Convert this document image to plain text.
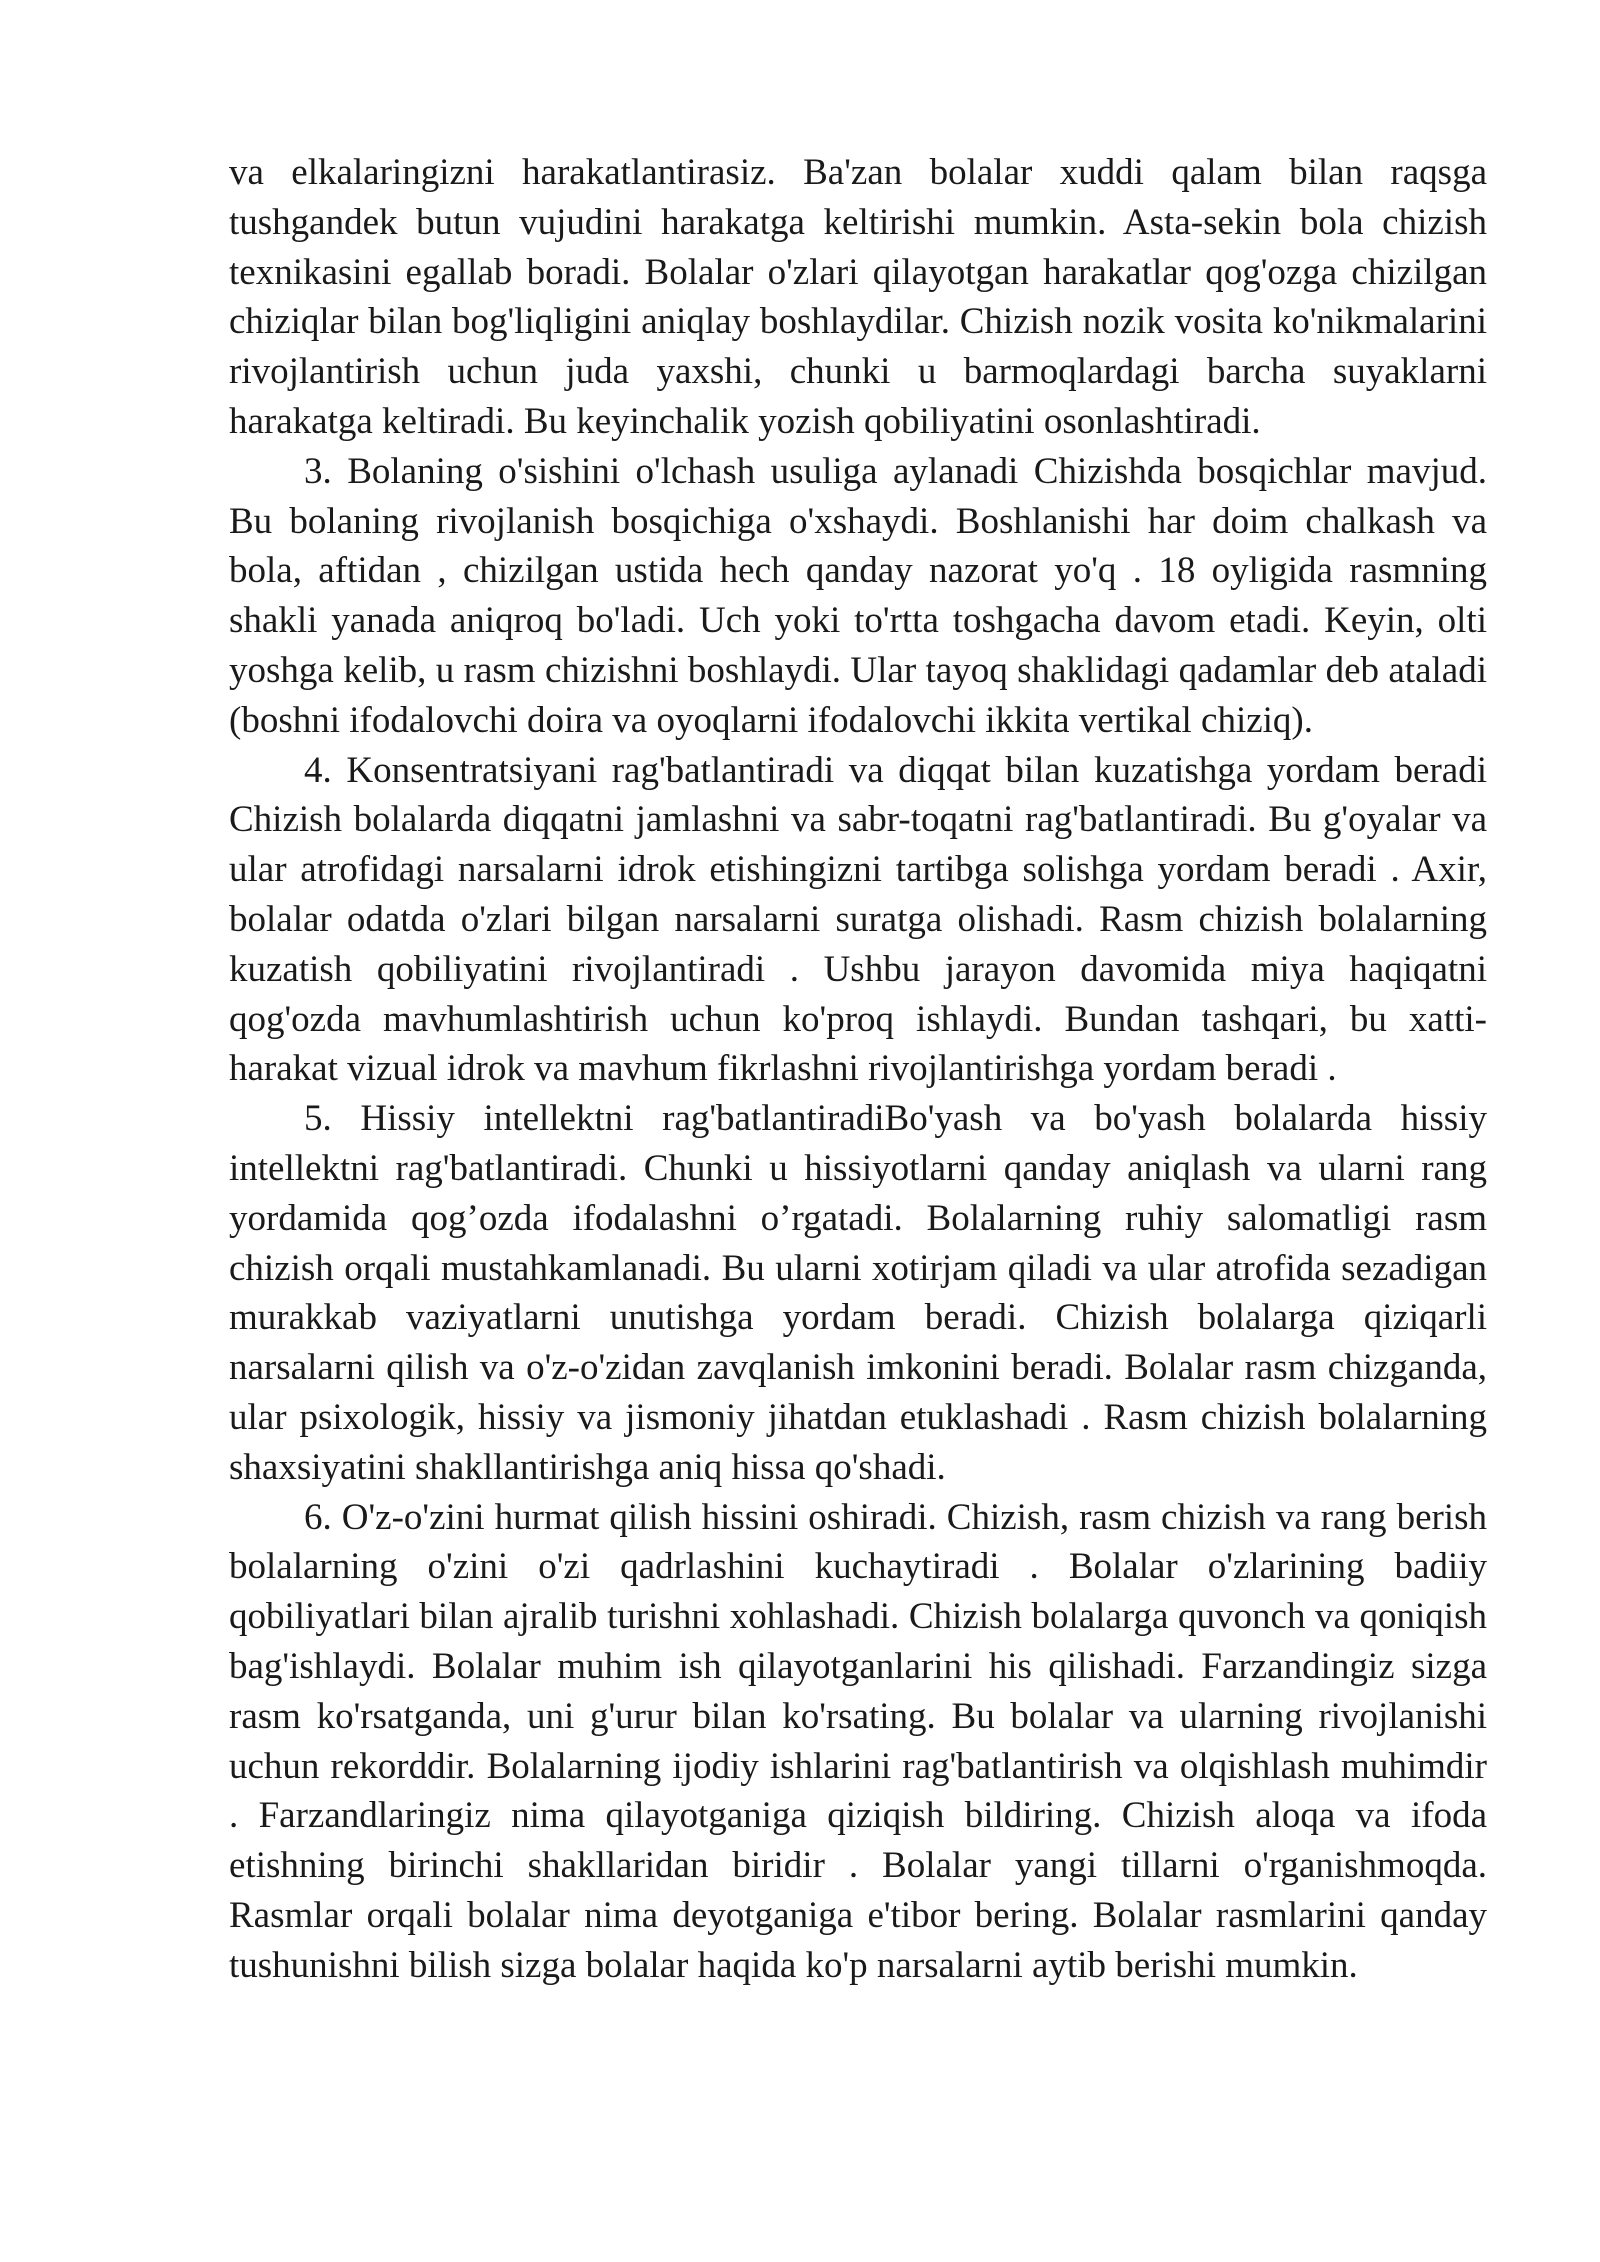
va elkalaringizni harakatlantirasiz. Ba'zan bolalar xuddi qalam bilan raqsga tushgandek butun vujudini harakatga keltirishi mumkin. Asta-sekin bola chizish texnikasini egallab boradi. Bolalar o'zlari qilayotgan harakatlar qog'ozga chizilgan chiziqlar bilan bog'liqligini aniqlay boshlaydilar. Chizish nozik vosita ko'nikmalarini rivojlantirish uchun juda yaxshi, chunki u barmoqlardagi barcha suyaklarni harakatga keltiradi. Bu keyinchalik yozish qobiliyatini osonlashtiradi.

3. Bolaning o'sishini o'lchash usuliga aylanadi Chizishda bosqichlar mavjud. Bu bolaning rivojlanish bosqichiga o'xshaydi. Boshlanishi har doim chalkash va bola, aftidan , chizilgan ustida hech qanday nazorat yo'q . 18 oyligida rasmning shakli yanada aniqroq bo'ladi. Uch yoki to'rtta toshgacha davom etadi. Keyin, olti yoshga kelib, u rasm chizishni boshlaydi. Ular tayoq shaklidagi qadamlar deb ataladi (boshni ifodalovchi doira va oyoqlarni ifodalovchi ikkita vertikal chiziq).

4. Konsentratsiyani rag'batlantiradi va diqqat bilan kuzatishga yordam beradi Chizish bolalarda diqqatni jamlashni va sabr-toqatni rag'batlantiradi. Bu g'oyalar va ular atrofidagi narsalarni idrok etishingizni tartibga solishga yordam beradi . Axir, bolalar odatda o'zlari bilgan narsalarni suratga olishadi. Rasm chizish bolalarning kuzatish qobiliyatini rivojlantiradi . Ushbu jarayon davomida miya haqiqatni qog'ozda mavhumlashtirish uchun ko'proq ishlaydi. Bundan tashqari, bu xatti-harakat vizual idrok va mavhum fikrlashni rivojlantirishga yordam beradi .

5. Hissiy intellektni rag'batlantiradiBo'yash va bo'yash bolalarda hissiy intellektni rag'batlantiradi. Chunki u hissiyotlarni qanday aniqlash va ularni rang yordamida qog’ozda ifodalashni o’rgatadi. Bolalarning ruhiy salomatligi rasm chizish orqali mustahkamlanadi. Bu ularni xotirjam qiladi va ular atrofida sezadigan murakkab vaziyatlarni unutishga yordam beradi. Chizish bolalarga qiziqarli narsalarni qilish va o'z-o'zidan zavqlanish imkonini beradi. Bolalar rasm chizganda, ular psixologik, hissiy va jismoniy jihatdan etuklashadi . Rasm chizish bolalarning shaxsiyatini shakllantirishga aniq hissa qo'shadi.

6. O'z-o'zini hurmat qilish hissini oshiradi. Chizish, rasm chizish va rang berish bolalarning o'zini o'zi qadrlashini kuchaytiradi . Bolalar o'zlarining badiiy qobiliyatlari bilan ajralib turishni xohlashadi. Chizish bolalarga quvonch va qoniqish bag'ishlaydi. Bolalar muhim ish qilayotganlarini his qilishadi. Farzandingiz sizga rasm ko'rsatganda, uni g'urur bilan ko'rsating. Bu bolalar va ularning rivojlanishi uchun rekorddir. Bolalarning ijodiy ishlarini rag'batlantirish va olqishlash muhimdir . Farzandlaringiz nima qilayotganiga qiziqish bildiring. Chizish aloqa va ifoda etishning birinchi shakllaridan biridir . Bolalar yangi tillarni o'rganishmoqda. Rasmlar orqali bolalar nima deyotganiga e'tibor bering. Bolalar rasmlarini qanday tushunishni bilish sizga bolalar haqida ko'p narsalarni aytib berishi mumkin.
